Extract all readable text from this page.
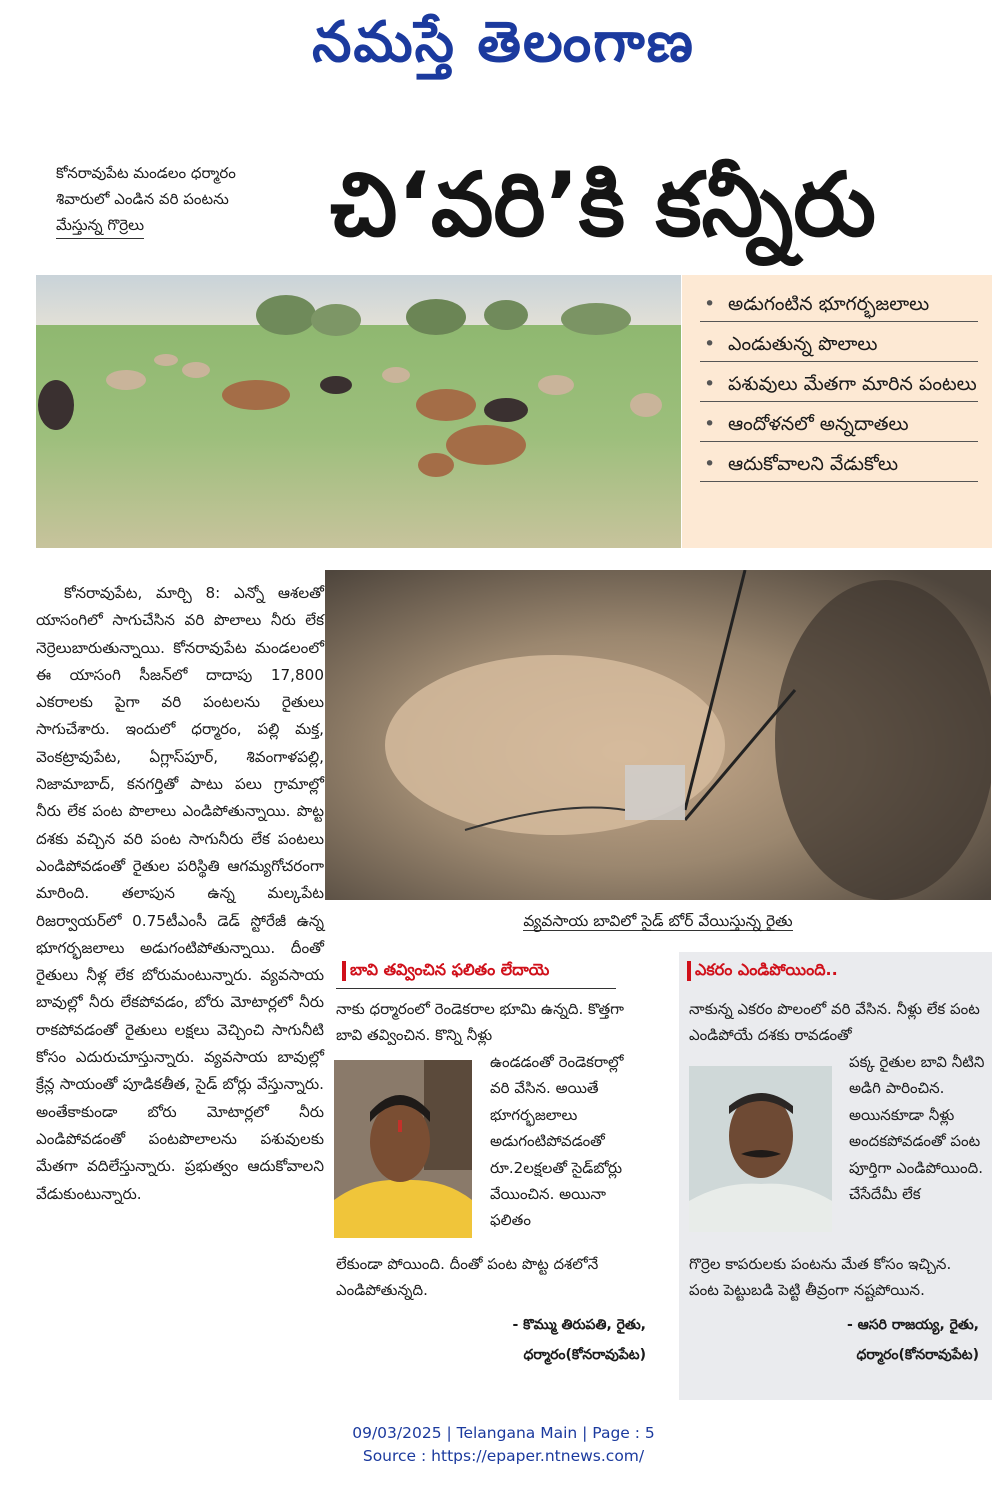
నమస్తే తెలంగాణ
కోనరావుపేట మండలం ధర్మారం
శివారులో ఎండిన వరి పంటను
మేస్తున్న గొర్రెలు	చి‘వరి’కి కన్నీరు
• అడుగంటిన భూగర్భజలాలు
• ఎండుతున్న పొలాలు
• పశువులు మేతగా మారిన పంటలు
• ఆందోళనలో అన్నదాతలు
• ఆదుకోవాలని వేడుకోలు

కోనరావుపేట, మార్చి 8: ఎన్నో ఆశలతో యాసంగిలో సాగుచేసిన వరి పొలాలు నీరు లేక నెర్రెలుబారుతున్నాయి. కోనరావుపేట మండలంలో ఈ యాసంగి సీజన్‌లో దాదాపు 17,800 ఎకరాలకు పైగా వరి పంటలను రైతులు సాగుచేశారు. ఇందులో ధర్మారం, పల్లి మక్త, వెంకట్రావుపేట, ఏగ్లాస్‌పూర్, శివంగాళపల్లి, నిజామాబాద్, కనగర్తితో పాటు పలు గ్రామాల్లో నీరు లేక పంట పొలాలు ఎండిపోతున్నాయి. పొట్ట దశకు వచ్చిన వరి పంట సాగునీరు లేక పంటలు ఎండిపోవడంతో రైతుల పరిస్థితి ఆగమ్యగోచరంగా మారింది. తలాపున ఉన్న మల్కపేట రిజర్వాయర్‌లో 0.75టీఎంసీ డెడ్ స్టోరేజీ ఉన్న భూగర్భజలాలు అడుగంటిపోతున్నాయి. దీంతో రైతులు నీళ్ల లేక బోరుమంటున్నారు. వ్యవసాయ బావుల్లో నీరు లేకపోవడం, బోరు మోటార్లలో నీరు రాకపోవడంతో రైతులు లక్షలు వెచ్చించి సాగునీటి కోసం ఎదురుచూస్తున్నారు. వ్యవసాయ బావుల్లో క్రేన్ల సాయంతో పూడికతీత, సైడ్ బోర్లు వేస్తున్నారు. అంతేకాకుండా బోరు మోటార్లలో నీరు ఎండిపోవడంతో పంటపొలాలను పశువులకు మేతగా వదిలేస్తున్నారు. ప్రభుత్వం ఆదుకోవాలని వేడుకుంటున్నారు.

వ్యవసాయ బావిలో సైడ్ బోర్ వేయిస్తున్న రైతు
బావి తవ్వించిన ఫలితం లేదాయె
నాకు ధర్మారంలో రెండెకరాల భూమి ఉన్నది. కొత్తగా బావి తవ్వించిన. కొన్ని నీళ్లు
ఉండడంతో రెండెకరాల్లో వరి వేసిన. అయితే భూగర్భజలాలు అడుగంటిపోవడంతో రూ.2లక్షలతో సైడ్‌బోర్లు వేయించిన. అయినా ఫలితం
లేకుండా పోయింది. దీంతో పంట పొట్ట దశలోనే ఎండిపోతున్నది.
- కొమ్ము తిరుపతి, రైతు,
ధర్మారం(కోనరావుపేట)
ఎకరం ఎండిపోయింది..
నాకున్న ఎకరం పొలంలో వరి వేసిన. నీళ్లు లేక పంట ఎండిపోయే దశకు రావడంతో
పక్క రైతుల బావి నీటిని అడిగి పారించిన. అయినకూడా నీళ్లు అందకపోవడంతో పంట పూర్తిగా ఎండిపోయింది. చేసేదేమీ లేక
గొర్రెల కాపరులకు పంటను మేత కోసం ఇచ్చిన. పంట పెట్టుబడి పెట్టి తీవ్రంగా నష్టపోయిన.
- ఆసరి రాజయ్య, రైతు,
ధర్మారం(కోనరావుపేట)
09/03/2025 | Telangana Main | Page : 5
Source : https://epaper.ntnews.com/
